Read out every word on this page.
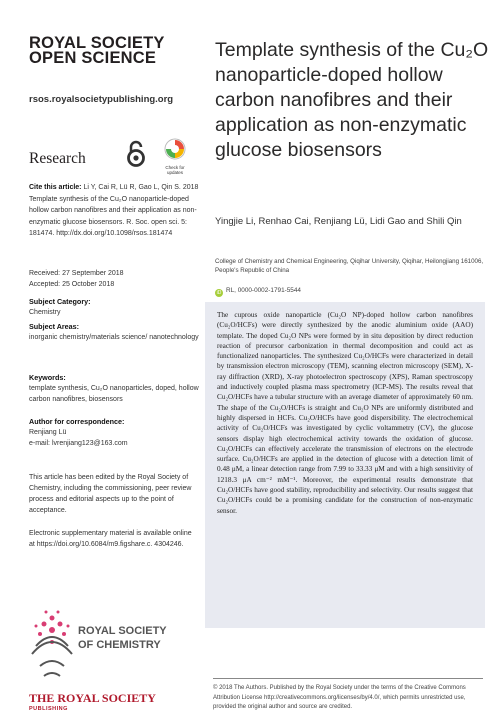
ROYAL SOCIETY
OPEN SCIENCE
rsos.royalsocietypublishing.org
Research
Check for
updates
Cite this article: Li Y, Cai R, Lü R, Gao L, Qin S. 2018 Template synthesis of the Cu₂O nanoparticle-doped hollow carbon nanofibres and their application as non-enzymatic glucose biosensors. R. Soc. open sci. 5: 181474. http://dx.doi.org/10.1098/rsos.181474
Received: 27 September 2018
Accepted: 25 October 2018
Subject Category:
Chemistry
Subject Areas:
inorganic chemistry/materials science/ nanotechnology
Keywords:
template synthesis, Cu₂O nanoparticles, doped, hollow carbon nanofibres, biosensors
Author for correspondence:
Renjiang Lü
e-mail: lvrenjiang123@163.com
This article has been edited by the Royal Society of Chemistry, including the commissioning, peer review process and editorial aspects up to the point of acceptance.
Electronic supplementary material is available online at https://doi.org/10.6084/m9.figshare.c. 4304246.
ROYAL SOCIETY
OF CHEMISTRY
THE ROYAL SOCIETY
PUBLISHING
Template synthesis of the Cu₂O nanoparticle-doped hollow carbon nanofibres and their application as non-enzymatic glucose biosensors
Yingjie Li, Renhao Cai, Renjiang Lü, Lidi Gao and Shili Qin
College of Chemistry and Chemical Engineering, Qiqihar University, Qiqihar, Heilongjiang 161006, People's Republic of China
iD RL, 0000-0002-1791-5544

The cuprous oxide nanoparticle (Cu₂O NP)-doped hollow carbon nanofibres (Cu₂O/HCFs) were directly synthesized by the anodic aluminium oxide (AAO) template. The doped Cu₂O NPs were formed by in situ deposition by direct reduction reaction of precursor carbonization in thermal decomposition and could act as functionalized nanoparticles. The synthesized Cu₂O/HCFs were characterized in detail by transmission electron microscopy (TEM), scanning electron microscopy (SEM), X-ray diffraction (XRD), X-ray photoelectron spectroscopy (XPS), Raman spectroscopy and inductively coupled plasma mass spectrometry (ICP-MS). The results reveal that Cu₂O/HCFs have a tubular structure with an average diameter of approximately 60 nm. The shape of the Cu₂O/HCFs is straight and Cu₂O NPs are uniformly distributed and highly dispersed in HCFs. Cu₂O/HCFs have good dispersibility. The electrochemical activity of Cu₂O/HCFs was investigated by cyclic voltammetry (CV), the glucose sensors display high electrochemical activity towards the oxidation of glucose. Cu₂O/HCFs can effectively accelerate the transmission of electrons on the electrode surface. Cu₂O/HCFs are applied in the detection of glucose with a detection limit of 0.48 μM, a linear detection range from 7.99 to 33.33 μM and with a high sensitivity of 1218.3 μA cm⁻² mM⁻¹. Moreover, the experimental results demonstrate that Cu₂O/HCFs have good stability, reproducibility and selectivity. Our results suggest that Cu₂O/HCFs could be a promising candidate for the construction of non-enzymatic sensor.

© 2018 The Authors. Published by the Royal Society under the terms of the Creative Commons Attribution License http://creativecommons.org/licenses/by/4.0/, which permits unrestricted use, provided the original author and source are credited.
